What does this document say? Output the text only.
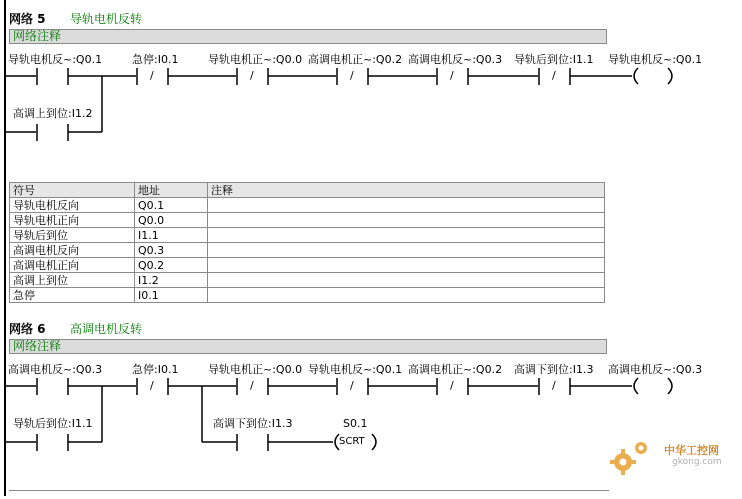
网络 5 导轨电机反转
网络注释
导轨电机反~:Q0.1	急停:I0.1	导轨电机正~:Q0.0 高调电机正~:Q0.2 高调电机反~:Q0.3 导轨后到位:I1.1 导轨电机反~:Q0.1
高调上到位:I1.2
网络 6 高调电机反转
网络注释
高调电机反~:Q0.3	急停:I0.1	导轨电机正~:Q0.0 导轨电机反~:Q0.1 高调电机正~:Q0.2 高调下到位:I1.3 高调电机反~:Q0.3
导轨后到位:I1.1	高调下到位:I1.3	S0.1
/	/	/	/	/
/	/	/	/	/
SCRT
符号	地址	注释
导轨电机反向	Q0.1	
导轨电机正向	Q0.0	
导轨后到位	I1.1	
高调电机反向	Q0.3	
高调电机正向	Q0.2	
高调上到位	I1.2	
急停	I0.1	
中华工控网
gkong.com
